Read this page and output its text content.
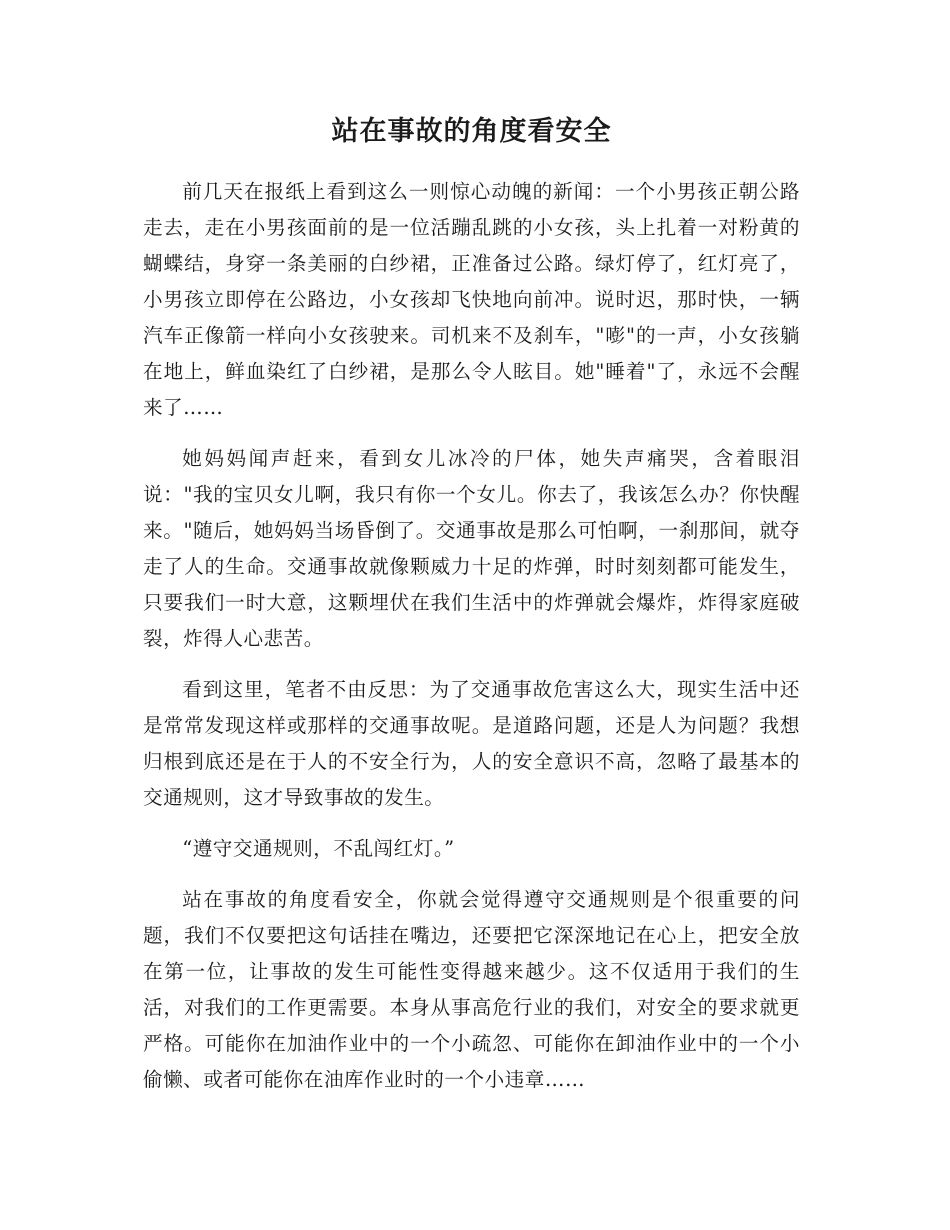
站在事故的角度看安全

前几天在报纸上看到这么一则惊心动魄的新闻：一个小男孩正朝公路走去，走在小男孩面前的是一位活蹦乱跳的小女孩，头上扎着一对粉黄的蝴蝶结，身穿一条美丽的白纱裙，正准备过公路。绿灯停了，红灯亮了，小男孩立即停在公路边，小女孩却飞快地向前冲。说时迟，那时快，一辆汽车正像箭一样向小女孩驶来。司机来不及刹车，"嘭"的一声，小女孩躺在地上，鲜血染红了白纱裙，是那么令人眩目。她"睡着"了，永远不会醒来了……

她妈妈闻声赶来，看到女儿冰冷的尸体，她失声痛哭，含着眼泪说："我的宝贝女儿啊，我只有你一个女儿。你去了，我该怎么办？你快醒来。"随后，她妈妈当场昏倒了。交通事故是那么可怕啊，一刹那间，就夺走了人的生命。交通事故就像颗威力十足的炸弹，时时刻刻都可能发生，只要我们一时大意，这颗埋伏在我们生活中的炸弹就会爆炸，炸得家庭破裂，炸得人心悲苦。

看到这里，笔者不由反思：为了交通事故危害这么大，现实生活中还是常常发现这样或那样的交通事故呢。是道路问题，还是人为问题？我想归根到底还是在于人的不安全行为，人的安全意识不高，忽略了最基本的交通规则，这才导致事故的发生。

“遵守交通规则，不乱闯红灯。”

站在事故的角度看安全，你就会觉得遵守交通规则是个很重要的问题，我们不仅要把这句话挂在嘴边，还要把它深深地记在心上，把安全放在第一位，让事故的发生可能性变得越来越少。这不仅适用于我们的生活，对我们的工作更需要。本身从事高危行业的我们，对安全的要求就更严格。可能你在加油作业中的一个小疏忽、可能你在卸油作业中的一个小偷懒、或者可能你在油库作业时的一个小违章……
